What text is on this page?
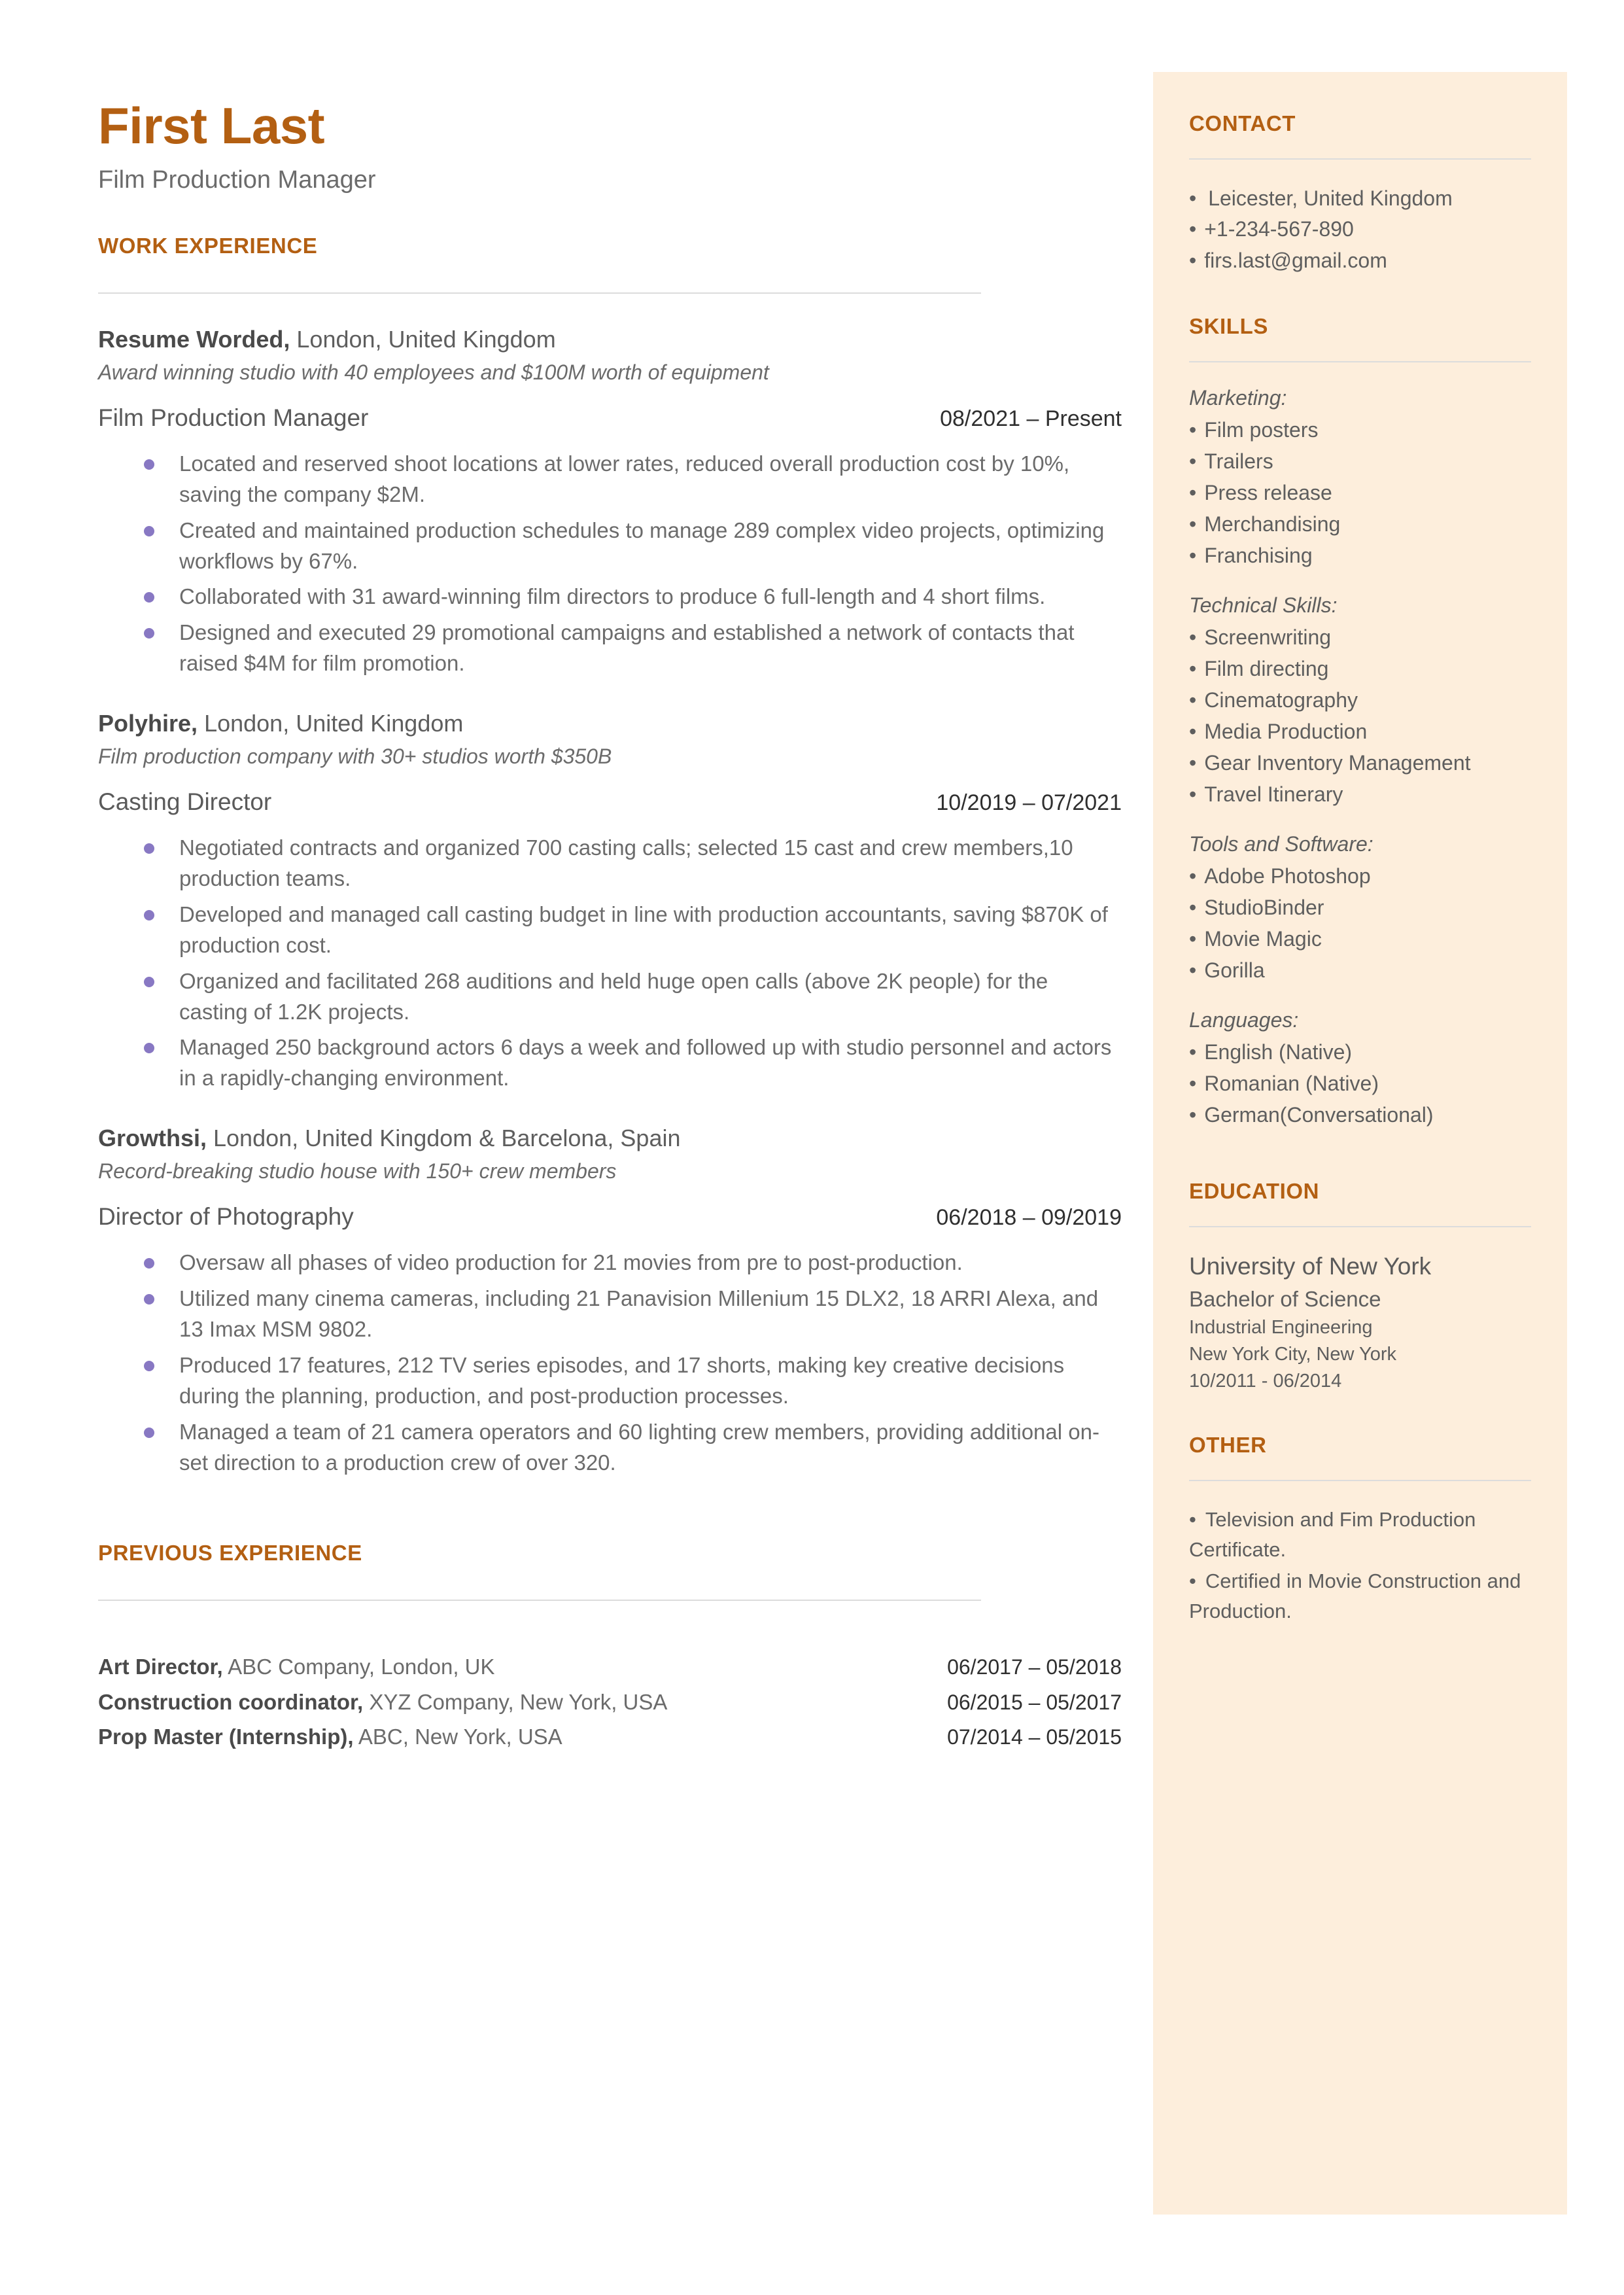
First Last
Film Production Manager
WORK EXPERIENCE
Resume Worded, London, United Kingdom
Award winning studio with 40 employees and $100M worth of equipment
Film Production Manager	08/2021 – Present
Located and reserved shoot locations at lower rates, reduced overall production cost by 10%, saving the company $2M.
Created and maintained production schedules to manage 289 complex video projects, optimizing workflows by 67%.
Collaborated with 31 award-winning film directors to produce 6 full-length and 4 short films.
Designed and executed 29 promotional campaigns and established a network of contacts that raised $4M for film promotion.
Polyhire, London, United Kingdom
Film production company with 30+ studios worth $350B
Casting Director	10/2019 – 07/2021
Negotiated contracts and organized 700 casting calls; selected 15 cast and crew members,10 production teams.
Developed and managed call casting budget in line with production accountants, saving $870K of production cost.
Organized and facilitated 268 auditions and held huge open calls (above 2K people) for the casting of 1.2K projects.
Managed 250 background actors 6 days a week and followed up with studio personnel and actors in a rapidly-changing environment.
Growthsi, London, United Kingdom & Barcelona, Spain
Record-breaking studio house with 150+ crew members
Director of Photography	06/2018 – 09/2019
Oversaw all phases of video production for 21 movies from pre to post-production.
Utilized many cinema cameras, including 21 Panavision Millenium 15 DLX2, 18 ARRI Alexa, and 13 Imax MSM 9802.
Produced 17 features, 212 TV series episodes, and 17 shorts, making key creative decisions during the planning, production, and post-production processes.
Managed a team of 21 camera operators and 60 lighting crew members, providing additional on-set direction to a production crew of over 320.
PREVIOUS EXPERIENCE
Art Director, ABC Company, London, UK	06/2017 – 05/2018
Construction coordinator, XYZ Company, New York, USA	06/2015 – 05/2017
Prop Master (Internship), ABC, New York, USA	07/2014 – 05/2015
CONTACT
• Leicester, United Kingdom
• +1-234-567-890
• firs.last@gmail.com
SKILLS
Marketing:
• Film posters
• Trailers
• Press release
• Merchandising
• Franchising
Technical Skills:
• Screenwriting
• Film directing
• Cinematography
• Media Production
• Gear Inventory Management
• Travel Itinerary
Tools and Software:
• Adobe Photoshop
• StudioBinder
• Movie Magic
• Gorilla
Languages:
• English (Native)
• Romanian (Native)
• German(Conversational)
EDUCATION
University of New York
Bachelor of Science
Industrial Engineering
New York City, New York
10/2011 - 06/2014
OTHER
• Television and Fim Production Certificate.
• Certified in Movie Construction and Production.
